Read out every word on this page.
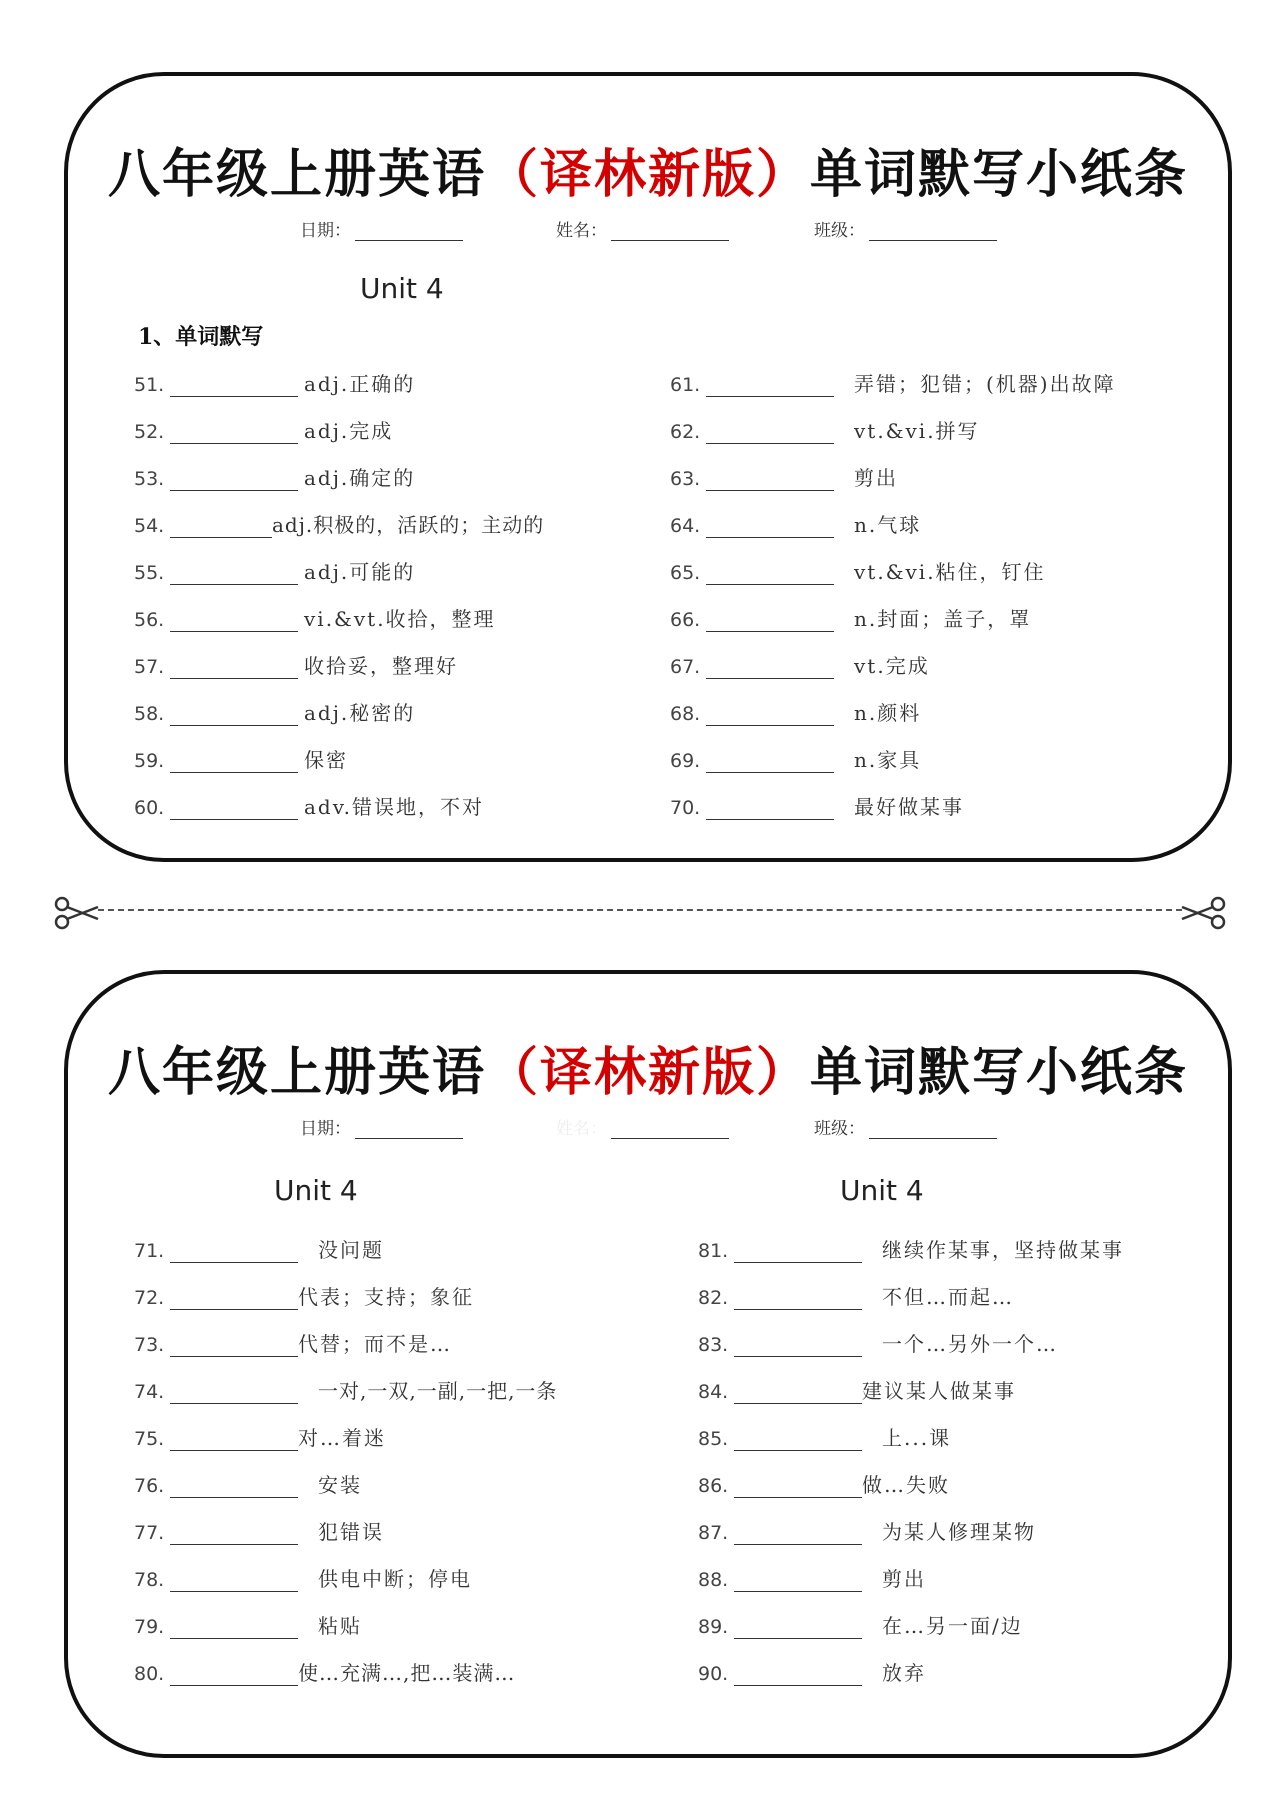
八年级上册英语（译林新版）单词默写小纸条
日期：	姓名：	班级：
Unit 4
1、单词默写
51.	adj.正确的
52.	adj.完成
53.	adj.确定的
54.	adj.积极的，活跃的；主动的
55.	adj.可能的
56.	vi.&vt.收拾，整理
57.	收拾妥，整理好
58.	adj.秘密的
59.	保密
60.	adv.错误地，不对
61.	弄错；犯错；(机器)出故障
62.	vt.&vi.拼写
63.	剪出
64.	n.气球
65.	vt.&vi.粘住，钉住
66.	n.封面；盖子，罩
67.	vt.完成
68.	n.颜料
69.	n.家具
70.	最好做某事
八年级上册英语（译林新版）单词默写小纸条
日期：	姓名：	班级：
Unit 4	Unit 4
71.	没问题
72.	代表；支持；象征
73.	代替；而不是…
74.	一对,一双,一副,一把,一条
75.	对…着迷
76.	安装
77.	犯错误
78.	供电中断；停电
79.	粘贴
80.	使…充满…,把…装满…
81.	继续作某事，坚持做某事
82.	不但…而起…
83.	一个…另外一个…
84.	建议某人做某事
85.	上...课
86.	做…失败
87.	为某人修理某物
88.	剪出
89.	在…另一面/边
90.	放弃
